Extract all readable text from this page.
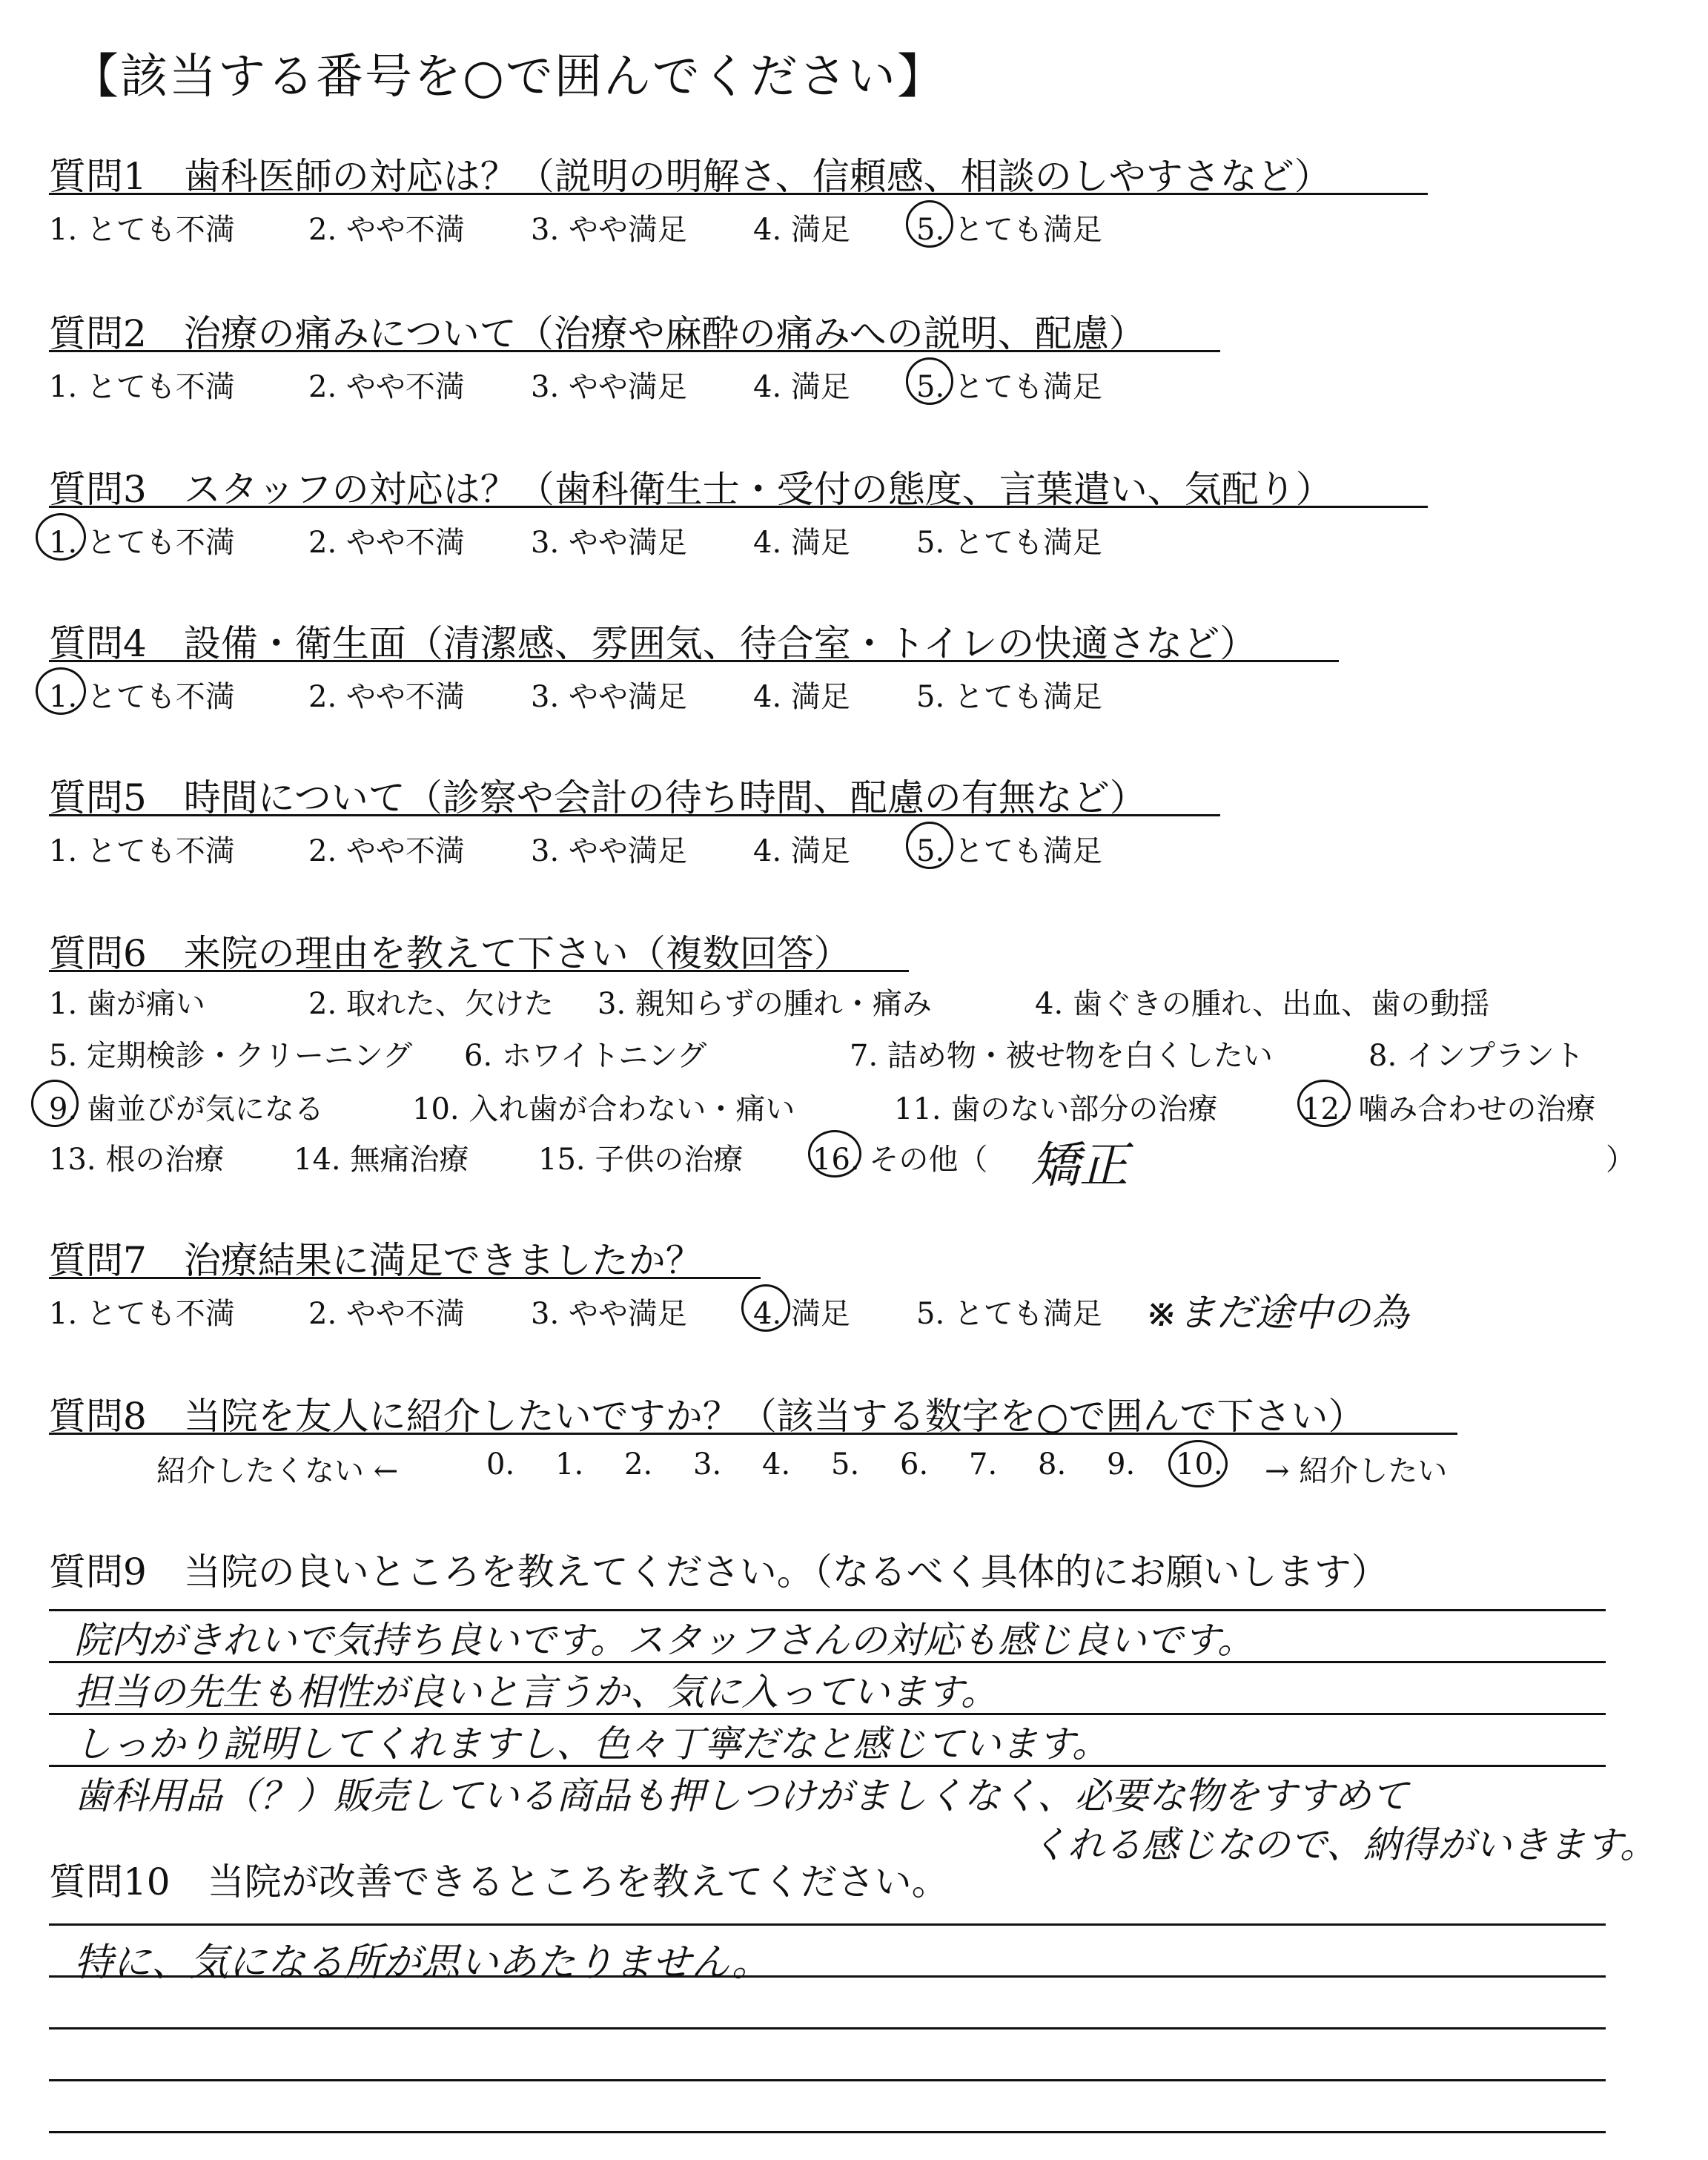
【該当する番号を○で囲んでください】
質問1　歯科医師の対応は？（説明の明解さ、信頼感、相談のしやすさなど）
1. とても不満 2. やや不満 3. やや満足 4. 満足 5. とても満足
質問2　治療の痛みについて（治療や麻酔の痛みへの説明、配慮）
1. とても不満 2. やや不満 3. やや満足 4. 満足 5. とても満足
質問3　スタッフの対応は？（歯科衛生士・受付の態度、言葉遣い、気配り）
1. とても不満 2. やや不満 3. やや満足 4. 満足 5. とても満足
質問4　設備・衛生面（清潔感、雰囲気、待合室・トイレの快適さなど）
1. とても不満 2. やや不満 3. やや満足 4. 満足 5. とても満足
質問5　時間について（診察や会計の待ち時間、配慮の有無など）
1. とても不満 2. やや不満 3. やや満足 4. 満足 5. とても満足
質問6　来院の理由を教えて下さい（複数回答）
1. 歯が痛い	2. 取れた、欠けた 3. 親知らずの腫れ・痛み	4. 歯ぐきの腫れ、出血、歯の動揺
5. 定期検診・クリーニング 6. ホワイトニング	7. 詰め物・被せ物を白くしたい	8. インプラント
9. 歯並びが気になる	10. 入れ歯が合わない・痛い	11. 歯のない部分の治療	12. 噛み合わせの治療
13. 根の治療 14. 無痛治療 15. 子供の治療 16. その他（	）
矯正
質問7　治療結果に満足できましたか？
1. とても不満 2. やや不満 3. やや満足 4. 満足 5. とても満足 ※まだ途中の為
質問8　当院を友人に紹介したいですか？（該当する数字を○で囲んで下さい）
紹介したくない ←	0. 1. 2. 3. 4. 5. 6. 7. 8. 9. 10. → 紹介したい
質問9　当院の良いところを教えてください。（なるべく具体的にお願いします）
院内がきれいで気持ち良いです。スタッフさんの対応も感じ良いです。
担当の先生も相性が良いと言うか、気に入っています。
しっかり説明してくれますし、色々丁寧だなと感じています。
歯科用品（？）販売している商品も押しつけがましくなく、必要な物をすすめて
くれる感じなので、納得がいきます。
質問10　当院が改善できるところを教えてください。
特に、気になる所が思いあたりません。
